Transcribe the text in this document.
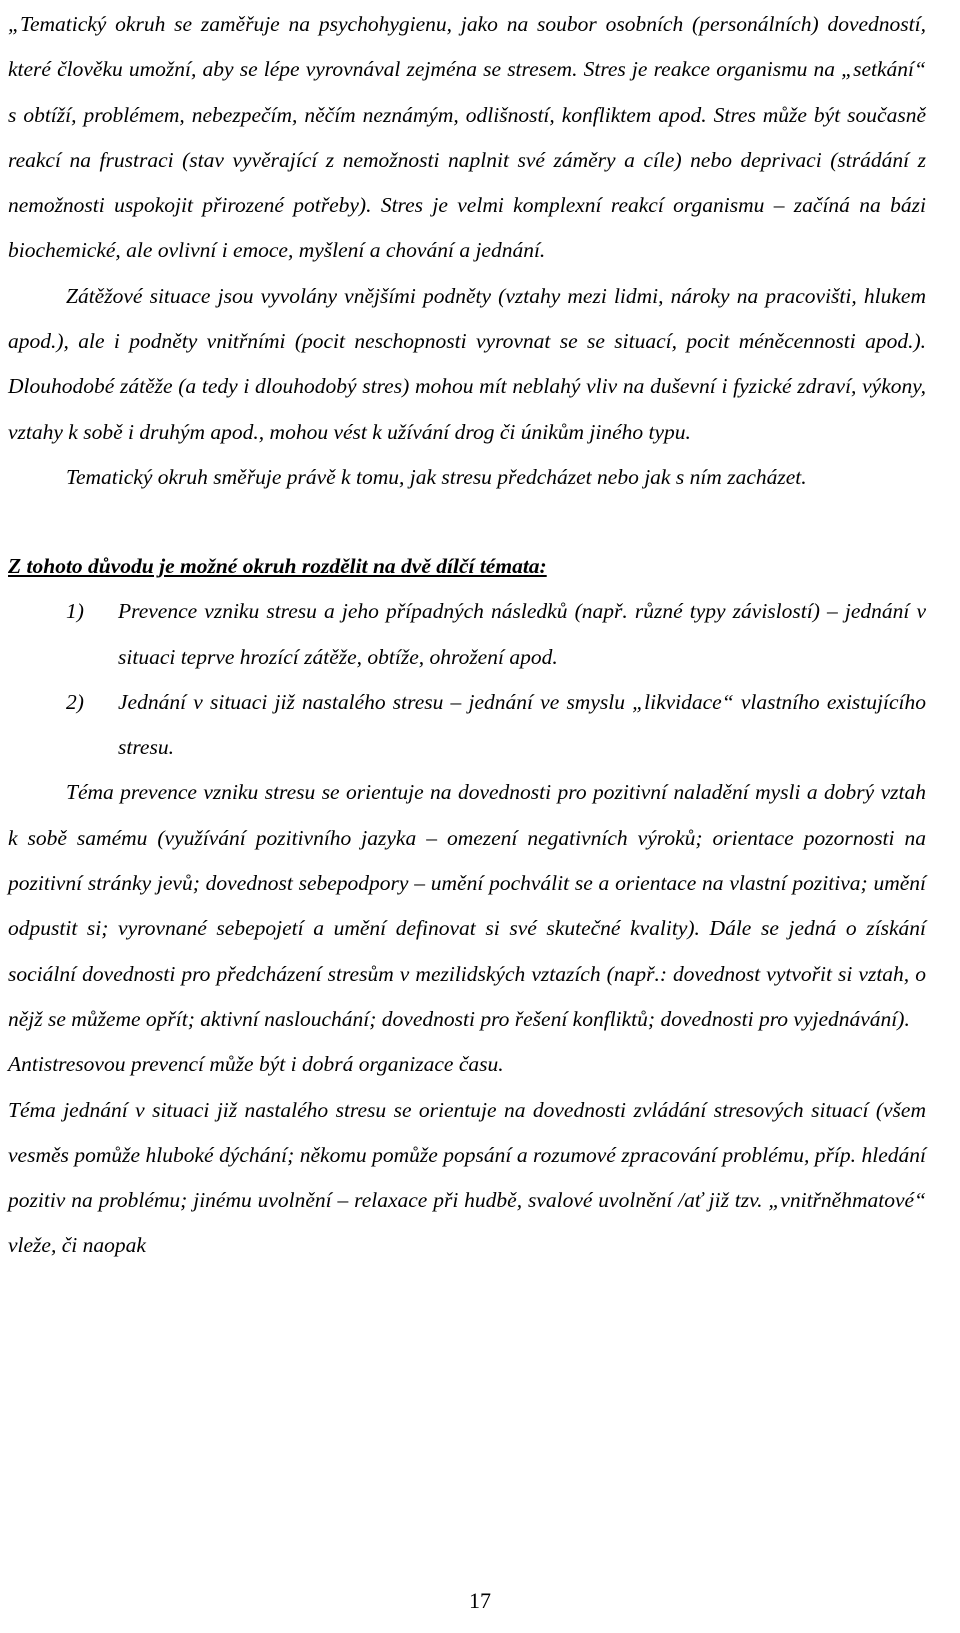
„Tematický okruh se zaměřuje na psychohygienu, jako na soubor osobních (personálních) dovedností, které člověku umožní, aby se lépe vyrovnával zejména se stresem. Stres je reakce organismu na „setkání“ s obtíží, problémem, nebezpečím, něčím neznámým, odlišností, konfliktem apod. Stres může být současně reakcí na frustraci (stav vyvěrající z nemožnosti naplnit své záměry a cíle) nebo deprivaci (strádání z nemožnosti uspokojit přirozené potřeby). Stres je velmi komplexní reakcí organismu – začíná na bázi biochemické, ale ovlivní i emoce, myšlení a chování a jednání.

Zátěžové situace jsou vyvolány vnějšími podněty (vztahy mezi lidmi, nároky na pracovišti, hlukem apod.), ale i podněty vnitřními (pocit neschopnosti vyrovnat se se situací, pocit méněcennosti apod.). Dlouhodobé zátěže (a tedy i dlouhodobý stres) mohou mít neblahý vliv na duševní i fyzické zdraví, výkony, vztahy k sobě i druhým apod., mohou vést k užívání drog či únikům jiného typu.

Tematický okruh směřuje právě k tomu, jak stresu předcházet nebo jak s ním zacházet.

Z tohoto důvodu je možné okruh rozdělit na dvě dílčí témata:

1) Prevence vzniku stresu a jeho případných následků (např. různé typy závislostí) – jednání v situaci teprve hrozící zátěže, obtíže, ohrožení apod.
2) Jednání v situaci již nastalého stresu – jednání ve smyslu „likvidace“ vlastního existujícího stresu.

Téma prevence vzniku stresu se orientuje na dovednosti pro pozitivní naladění mysli a dobrý vztah k sobě samému (využívání pozitivního jazyka – omezení negativních výroků; orientace pozornosti na pozitivní stránky jevů; dovednost sebepodpory – umění pochválit se a orientace na vlastní pozitiva; umění odpustit si; vyrovnané sebepojetí a umění definovat si své skutečné kvality). Dále se jedná o získání sociální dovednosti pro předcházení stresům v mezilidských vztazích (např.: dovednost vytvořit si vztah, o nějž se můžeme opřít; aktivní naslouchání; dovednosti pro řešení konfliktů; dovednosti pro vyjednávání).

Antistresovou prevencí může být i dobrá organizace času.

Téma jednání v situaci již nastalého stresu se orientuje na dovednosti zvládání stresových situací (všem vesměs pomůže hluboké dýchání; někomu pomůže popsání a rozumové zpracování problému, příp. hledání pozitiv na problému; jinému uvolnění – relaxace při hudbě, svalové uvolnění /ať již tzv. „vnitřněhmatové“ vleže, či naopak

17
